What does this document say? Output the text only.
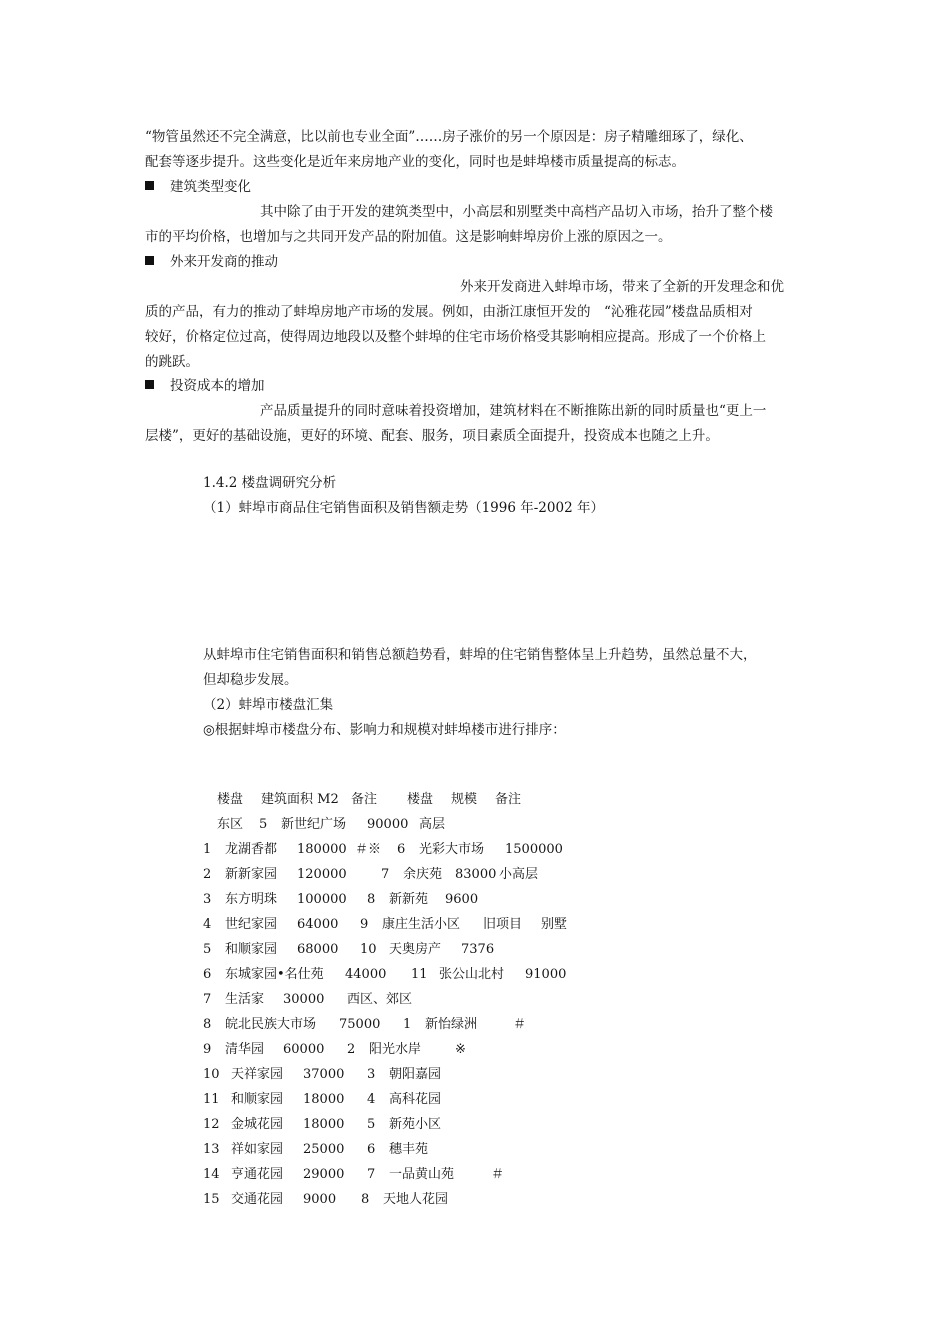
“物管虽然还不完全满意，比以前也专业全面”……房子涨价的另一个原因是：房子精雕细琢了，绿化、
配套等逐步提升。这些变化是近年来房地产业的变化，同时也是蚌埠楼市质量提高的标志。
建筑类型变化
其中除了由于开发的建筑类型中，小高层和别墅类中高档产品切入市场，抬升了整个楼
市的平均价格，也增加与之共同开发产品的附加值。这是影响蚌埠房价上涨的原因之一。
外来开发商的推动
外来开发商进入蚌埠市场，带来了全新的开发理念和优
质的产品，有力的推动了蚌埠房地产市场的发展。例如，由浙江康恒开发的　“沁雅花园”楼盘品质相对
较好，价格定位过高，使得周边地段以及整个蚌埠的住宅市场价格受其影响相应提高。形成了一个价格上
的跳跃。
投资成本的增加
产品质量提升的同时意味着投资增加，建筑材料在不断推陈出新的同时质量也“更上一
层楼”，更好的基础设施，更好的环境、配套、服务，项目素质全面提升，投资成本也随之上升。
1.4.2 楼盘调研究分析
（1）蚌埠市商品住宅销售面积及销售额走势（1996 年-2002 年）
从蚌埠市住宅销售面积和销售总额趋势看，蚌埠的住宅销售整体呈上升趋势，虽然总量不大，
但却稳步发展。
（2）蚌埠市楼盘汇集
◎根据蚌埠市楼盘分布、影响力和规模对蚌埠楼市进行排序：
楼盘 建筑面积 M2 备注 楼盘 规模 备注
东区 5 新世纪广场 90000 高层
1 龙湖香都 180000 ＃※ 6 光彩大市场 1500000
2 新新家园 120000	7 余庆苑 83000 小高层
3 东方明珠 100000 8 新新苑 9600
4 世纪家园 64000 9 康庄生活小区 旧项目 别墅
5 和顺家园 68000 10 天奥房产 7376
6 东城家园•名仕苑 44000 11 张公山北村 91000
7 生活家 30000 西区、郊区
8 皖北民族大市场 75000 1 新怡绿洲	＃
9 清华园 60000 2 阳光水岸	※
10 天祥家园 37000 3 朝阳嘉园
11 和顺家园 18000 4 高科花园
12 金城花园 18000 5 新苑小区
13 祥如家园 25000 6 穗丰苑
14 亨通花园 29000 7 一品黄山苑	＃
15 交通花园 9000 8 天地人花园
